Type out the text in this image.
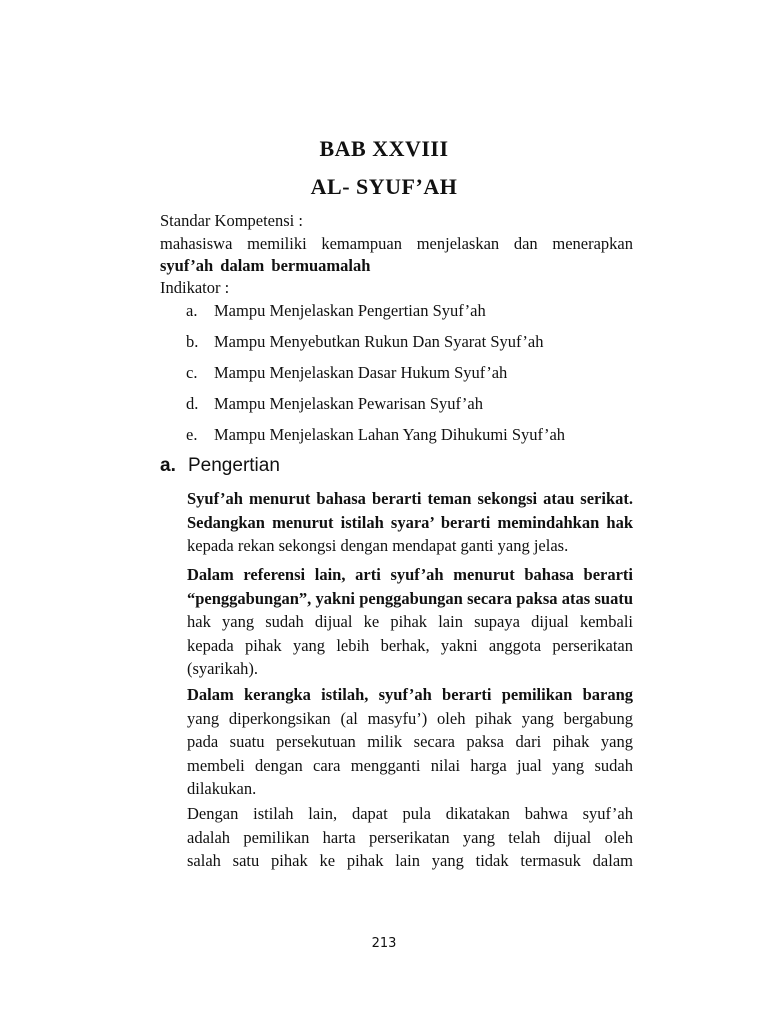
BAB XXVIII
AL- SYUF’AH
Standar Kompetensi :
mahasiswa memiliki kemampuan menjelaskan dan menerapkan
syuf’ah dalam bermuamalah
Indikator :
a. Mampu Menjelaskan Pengertian Syuf’ah
b. Mampu Menyebutkan Rukun Dan Syarat Syuf’ah
c. Mampu Menjelaskan Dasar Hukum Syuf’ah
d. Mampu Menjelaskan Pewarisan Syuf’ah
e. Mampu Menjelaskan Lahan Yang Dihukumi Syuf’ah
a. Pengertian
Syuf’ah menurut bahasa berarti teman sekongsi atau serikat.
Sedangkan menurut istilah syara’ berarti memindahkan hak
kepada rekan sekongsi dengan mendapat ganti yang jelas.
Dalam referensi lain, arti syuf’ah menurut bahasa berarti
“penggabungan”, yakni penggabungan secara paksa atas suatu
hak yang sudah dijual ke pihak lain supaya dijual kembali
kepada pihak yang lebih berhak, yakni anggota perserikatan
(syarikah).
Dalam kerangka istilah, syuf’ah berarti pemilikan barang
yang diperkongsikan (al masyfu’) oleh pihak yang bergabung
pada suatu persekutuan milik secara paksa dari pihak yang
membeli dengan cara mengganti nilai harga jual yang sudah
dilakukan.
Dengan istilah lain, dapat pula dikatakan bahwa syuf’ah
adalah pemilikan harta perserikatan yang telah dijual oleh
salah satu pihak ke pihak lain yang tidak termasuk dalam
213
